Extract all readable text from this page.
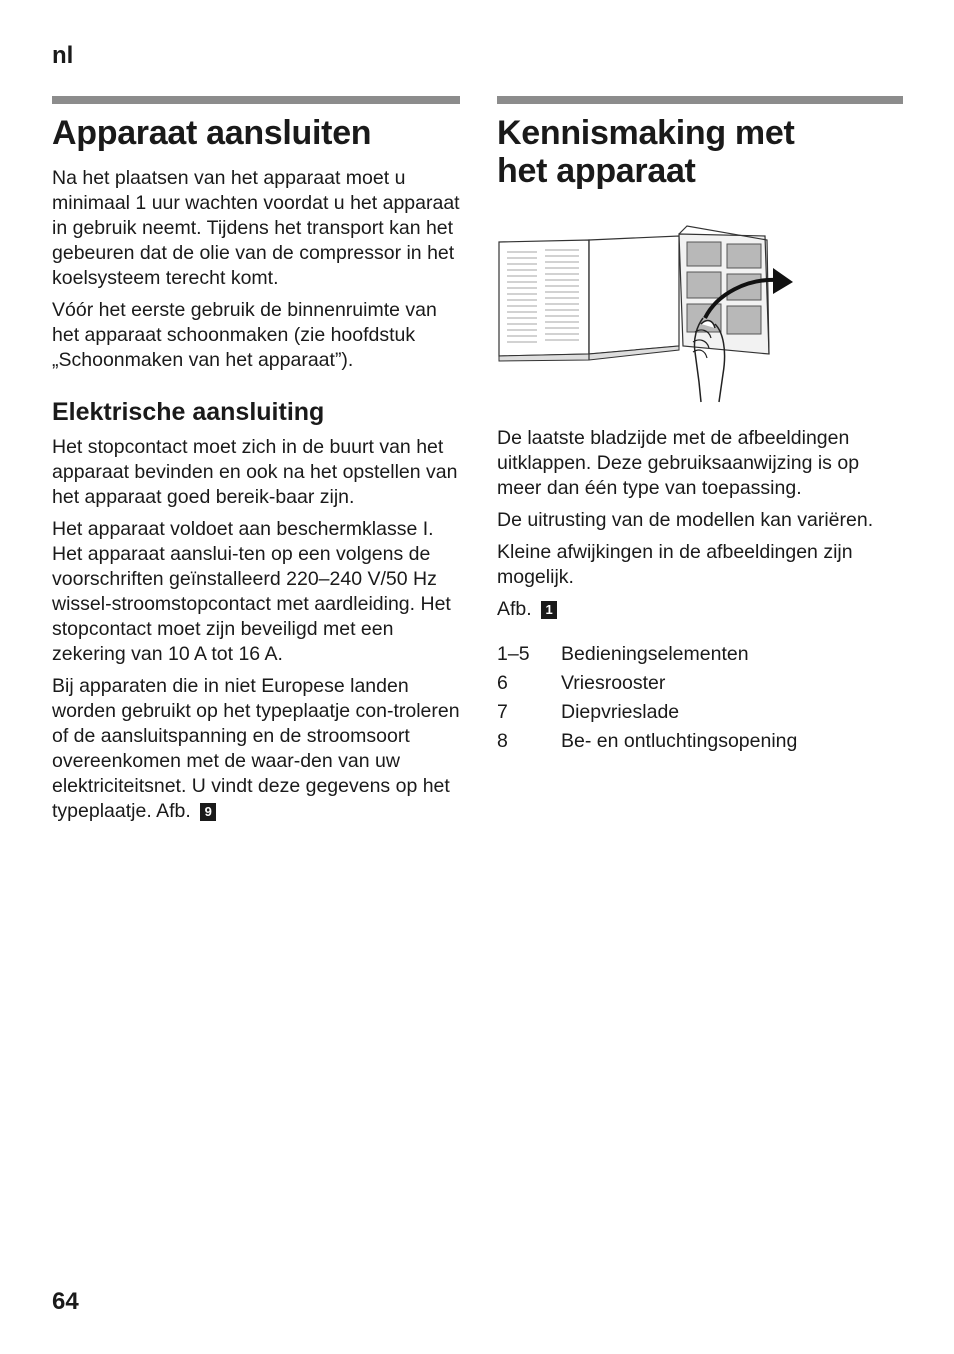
nl
Apparaat aansluiten

Na het plaatsen van het apparaat moet u minimaal 1 uur wachten voordat u het apparaat in gebruik neemt. Tijdens het transport kan het gebeuren dat de olie van de compressor in het koelsysteem terecht komt.

Vóór het eerste gebruik de binnenruimte van het apparaat schoonmaken (zie hoofdstuk „Schoonmaken van het apparaat”).

Elektrische aansluiting

Het stopcontact moet zich in de buurt van het apparaat bevinden en ook na het opstellen van het apparaat goed bereik-baar zijn.

Het apparaat voldoet aan beschermklasse I. Het apparaat aanslui-ten op een volgens de voorschriften geïnstalleerd 220–240 V/50 Hz wissel-stroomstopcontact met aardleiding. Het stopcontact moet zijn beveiligd met een zekering van 10 A tot 16 A.

Bij apparaten die in niet Europese landen worden gebruikt op het typeplaatje con-troleren of de aansluitspanning en de stroomsoort overeenkomen met de waar-den van uw elektriciteitsnet. U vindt deze gegevens op het typeplaatje. Afb. 9

Kennismaking met
het apparaat

De laatste bladzijde met de afbeeldingen uitklappen. Deze gebruiksaanwijzing is op meer dan één type van toepassing.

De uitrusting van de modellen kan variëren.

Kleine afwijkingen in de afbeeldingen zijn mogelijk.

Afb. 1

1–5	Bedieningselementen
6	Vriesrooster
7	Diepvrieslade
8	Be- en ontluchtingsopening
64
